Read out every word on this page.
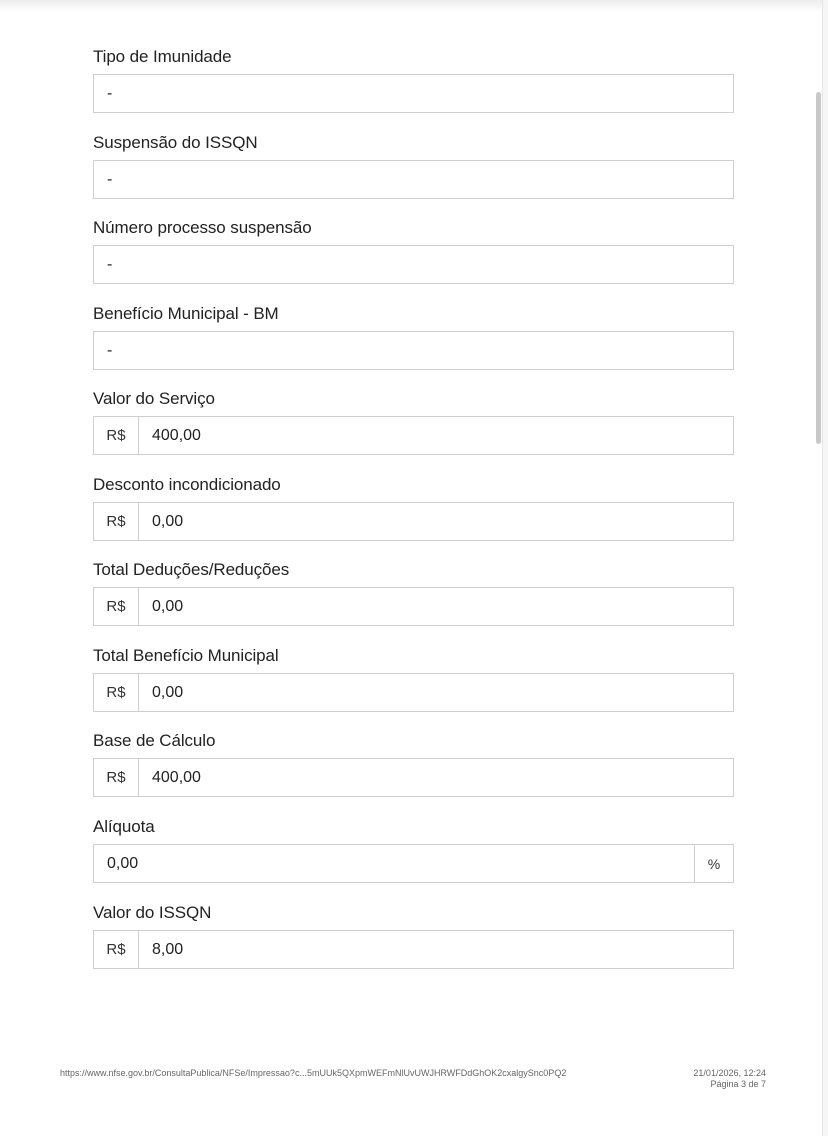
Tipo de Imunidade
-
Suspensão do ISSQN
-
Número processo suspensão
-
Benefício Municipal - BM
-
Valor do Serviço
R$	400,00
Desconto incondicionado
R$	0,00
Total Deduções/Reduções
R$	0,00
Total Benefício Municipal
R$	0,00
Base de Cálculo
R$	400,00
Alíquota
0,00	%
Valor do ISSQN
R$	8,00
https://www.nfse.gov.br/ConsultaPublica/NFSe/Impressao?c...5mUUk5QXpmWEFmNlUvUWJHRWFDdGhOK2cxalgySnc0PQ2	21/01/2026, 12:24
Página 3 de 7
